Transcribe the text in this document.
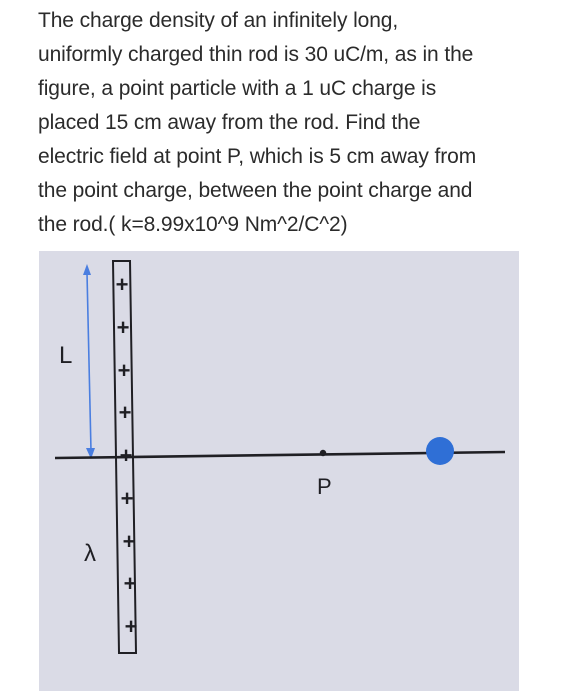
The charge density of an infinitely long,
uniformly charged thin rod is 30 uC/m, as in the
figure, a point particle with a 1 uC charge is
placed 15 cm away from the rod. Find the
electric field at point P, which is 5 cm away from
the point charge, between the point charge and
the rod.( k=8.99x10^9 Nm^2/C^2)
+
+
+
+
+
+
+
+
+
L
λ
P
